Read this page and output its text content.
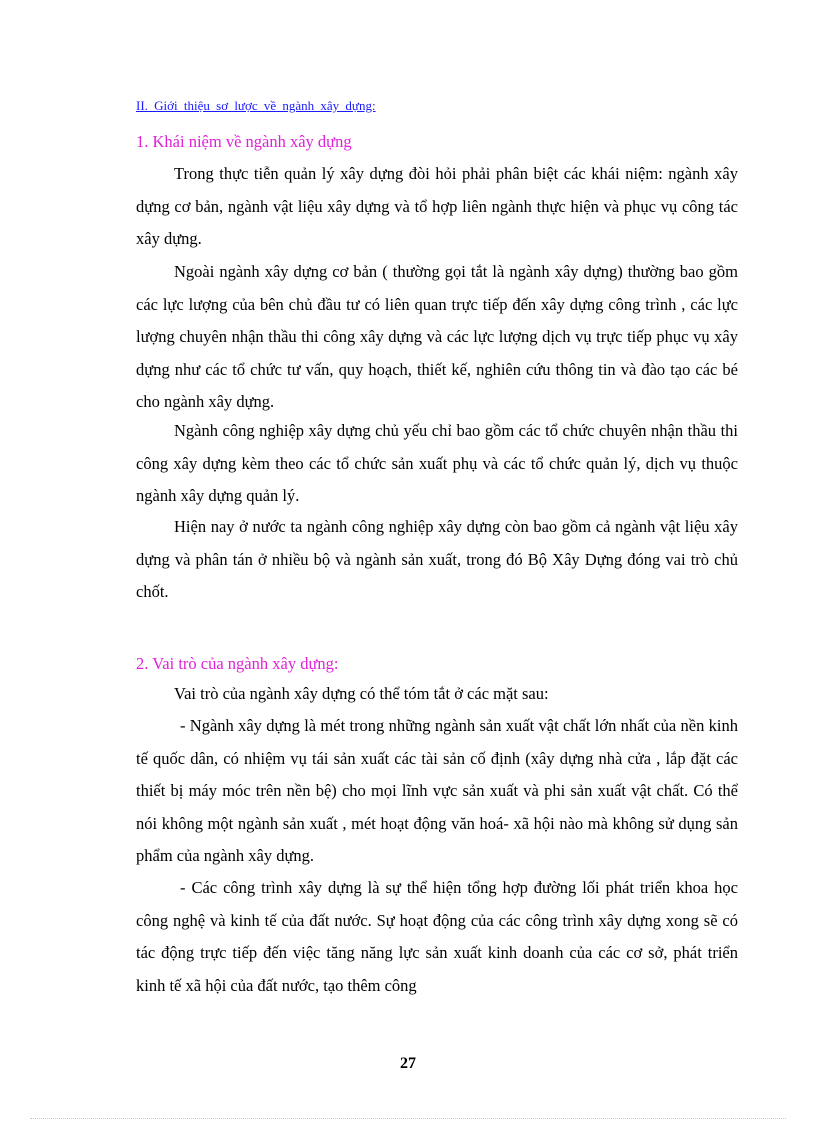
II. Giới thiệu sơ lược về ngành xây dựng:
1. Khái niệm về ngành xây dựng

Trong thực tiễn quản lý xây dựng đòi hỏi phải phân biệt các khái niệm: ngành xây dựng cơ bản, ngành vật liệu xây dựng và tổ hợp liên ngành thực hiện và phục vụ công tác xây dựng.

Ngoài ngành xây dựng cơ bản ( thường gọi tắt là ngành xây dựng) thường bao gồm các lực lượng của bên chủ đầu tư có liên quan trực tiếp đến xây dựng công trình , các lực lượng chuyên nhận thầu thi công xây dựng và các lực lượng dịch vụ trực tiếp phục vụ xây dựng như các tổ chức tư vấn, quy hoạch, thiết kế, nghiên cứu thông tin và đào tạo các bé cho ngành xây dựng.

Ngành công nghiệp xây dựng chủ yếu chỉ bao gồm các tổ chức chuyên nhận thầu thi công xây dựng kèm theo các tổ chức sản xuất phụ và các tổ chức quản lý, dịch vụ thuộc ngành xây dựng quản lý.

Hiện nay ở nước ta ngành công nghiệp xây dựng còn bao gồm cả ngành vật liệu xây dựng và phân tán ở nhiều bộ và ngành sản xuất, trong đó Bộ Xây Dựng đóng vai trò chủ chốt.

2. Vai trò của ngành xây dựng:

Vai trò của ngành xây dựng có thể tóm tắt ở các mặt sau:

- Ngành xây dựng là mét trong những ngành sản xuất vật chất lớn nhất của nền kinh tế quốc dân, có nhiệm vụ tái sản xuất các tài sản cố định (xây dựng nhà cửa , lắp đặt các thiết bị máy móc trên nền bệ) cho mọi lĩnh vực sản xuất và phi sản xuất vật chất. Có thể nói không một ngành sản xuất , mét hoạt động văn hoá- xã hội nào mà không sử dụng sản phẩm của ngành xây dựng.

- Các công trình xây dựng là sự thể hiện tổng hợp đường lối phát triển khoa học công nghệ và kinh tế của đất nước. Sự hoạt động của các công trình xây dựng xong sẽ có tác động trực tiếp đến việc tăng năng lực sản xuất kinh doanh của các cơ sở, phát triển kinh tế xã hội của đất nước, tạo thêm công

27
